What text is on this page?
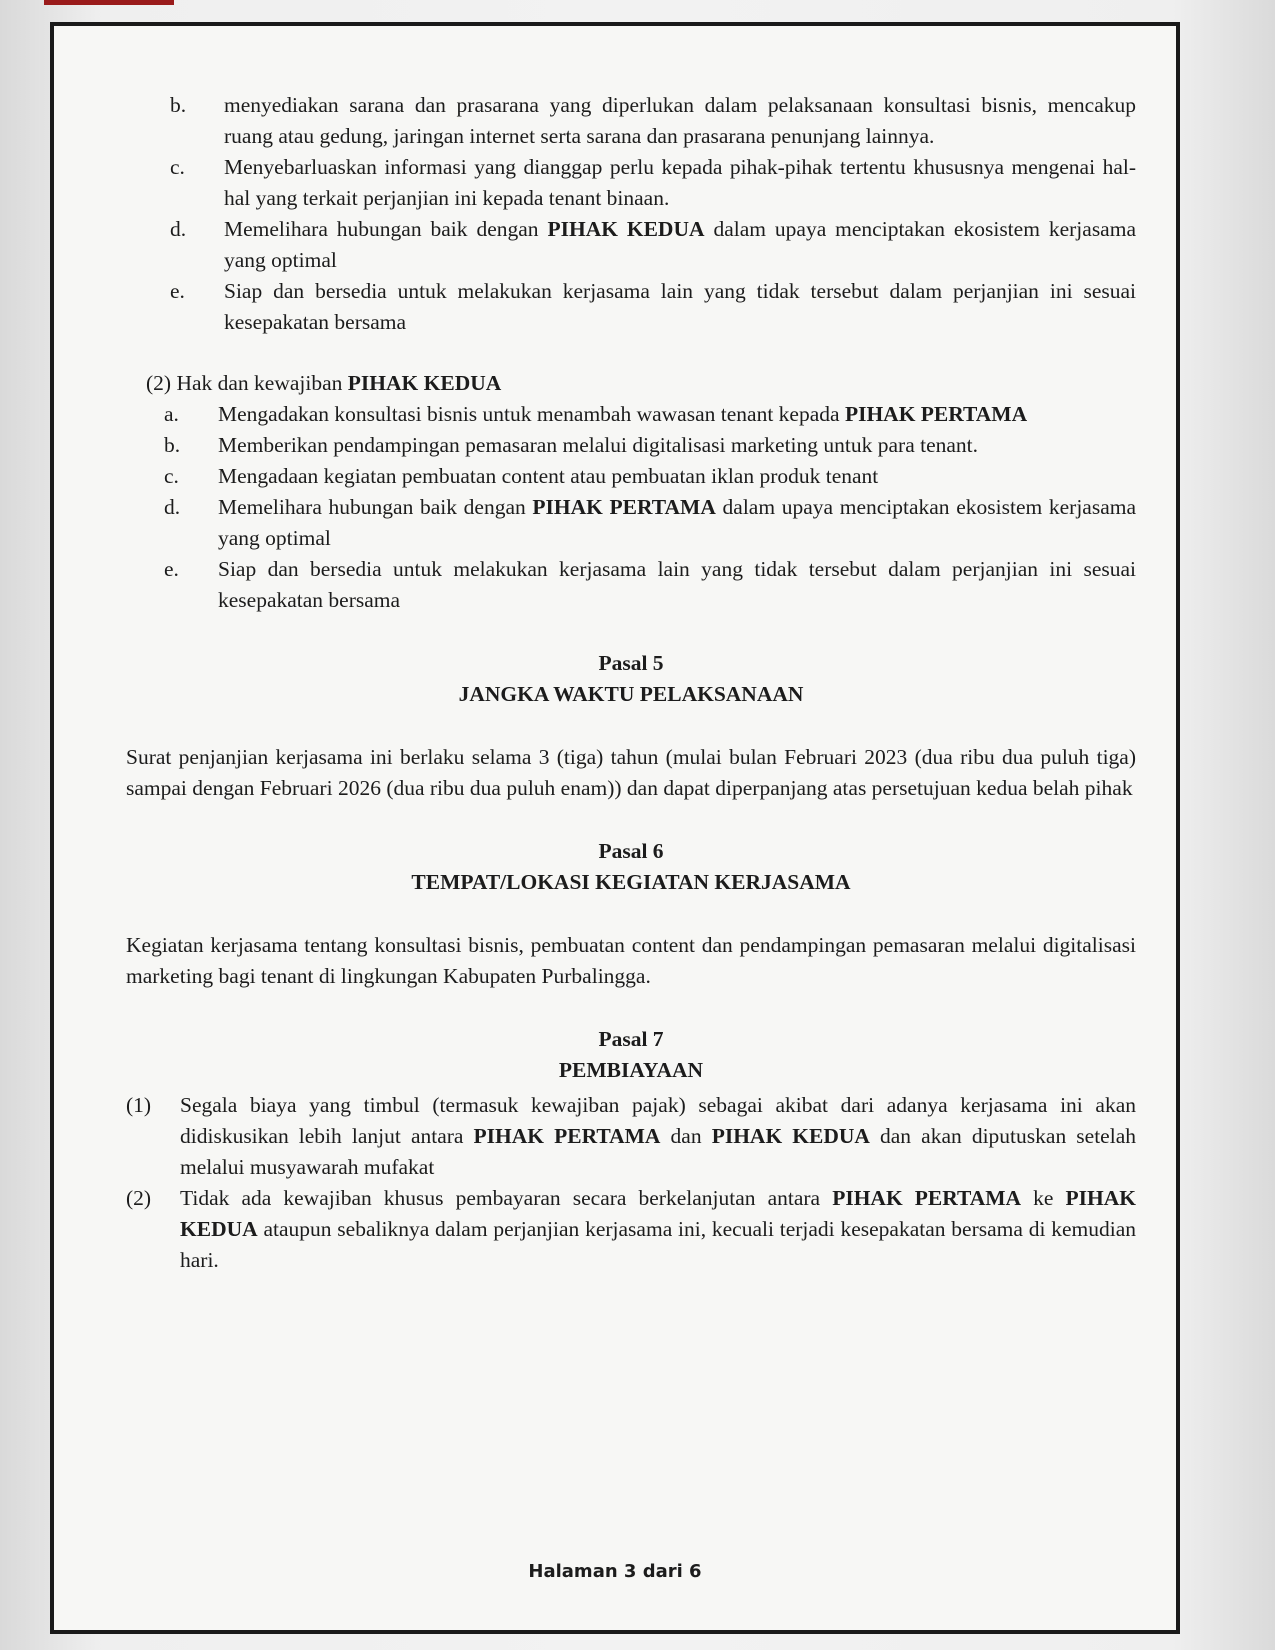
b.	menyediakan sarana dan prasarana yang diperlukan dalam pelaksanaan konsultasi bisnis, mencakup ruang atau gedung, jaringan internet serta sarana dan prasarana penunjang lainnya.
c.	Menyebarluaskan informasi yang dianggap perlu kepada pihak-pihak tertentu khususnya mengenai hal-hal yang terkait perjanjian ini kepada tenant binaan.
d.	Memelihara hubungan baik dengan PIHAK KEDUA dalam upaya menciptakan ekosistem kerjasama yang optimal
e.	Siap dan bersedia untuk melakukan kerjasama lain yang tidak tersebut dalam perjanjian ini sesuai kesepakatan bersama
(2) Hak dan kewajiban PIHAK KEDUA
a.	Mengadakan konsultasi bisnis untuk menambah wawasan tenant kepada PIHAK PERTAMA
b.	Memberikan pendampingan pemasaran melalui digitalisasi marketing untuk para tenant.
c.	Mengadaan kegiatan pembuatan content atau pembuatan iklan produk tenant
d.	Memelihara hubungan baik dengan PIHAK PERTAMA dalam upaya menciptakan ekosistem kerjasama yang optimal
e.	Siap dan bersedia untuk melakukan kerjasama lain yang tidak tersebut dalam perjanjian ini sesuai kesepakatan bersama
Pasal 5
JANGKA WAKTU PELAKSANAAN
Surat penjanjian kerjasama ini berlaku selama 3 (tiga) tahun (mulai bulan Februari 2023 (dua ribu dua puluh tiga) sampai dengan Februari 2026 (dua ribu dua puluh enam)) dan dapat diperpanjang atas persetujuan kedua belah pihak
Pasal 6
TEMPAT/LOKASI KEGIATAN KERJASAMA
Kegiatan kerjasama tentang konsultasi bisnis, pembuatan content dan pendampingan pemasaran melalui digitalisasi marketing bagi tenant di lingkungan Kabupaten Purbalingga.
Pasal 7
PEMBIAYAAN
(1)	Segala biaya yang timbul (termasuk kewajiban pajak) sebagai akibat dari adanya kerjasama ini akan didiskusikan lebih lanjut antara PIHAK PERTAMA dan PIHAK KEDUA dan akan diputuskan setelah melalui musyawarah mufakat
(2)	Tidak ada kewajiban khusus pembayaran secara berkelanjutan antara PIHAK PERTAMA ke PIHAK KEDUA ataupun sebaliknya dalam perjanjian kerjasama ini, kecuali terjadi kesepakatan bersama di kemudian hari.
Halaman 3 dari 6
